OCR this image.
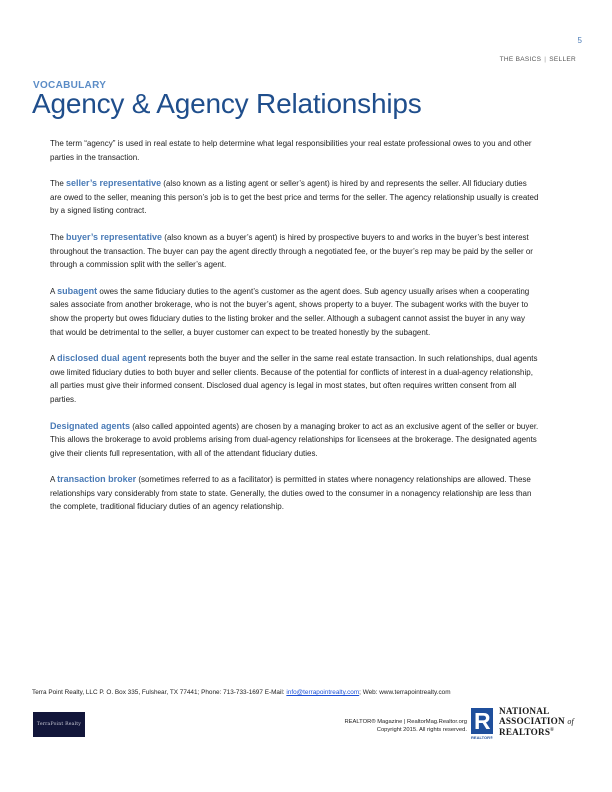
5
THE BASICS | SELLER
VOCABULARY
Agency & Agency Relationships

The term “agency” is used in real estate to help determine what legal responsibilities your real estate professional owes to you and other parties in the transaction.

The seller’s representative (also known as a listing agent or seller’s agent) is hired by and represents the seller. All fiduciary duties are owed to the seller, meaning this person’s job is to get the best price and terms for the seller. The agency relationship usually is created by a signed listing contract.

The buyer’s representative (also known as a buyer’s agent) is hired by prospective buyers to and works in the buyer’s best interest throughout the transaction. The buyer can pay the agent directly through a negotiated fee, or the buyer’s rep may be paid by the seller or through a commission split with the seller’s agent.

A subagent owes the same fiduciary duties to the agent’s customer as the agent does. Sub agency usually arises when a cooperating sales associate from another brokerage, who is not the buyer’s agent, shows property to a buyer. The subagent works with the buyer to show the property but owes fiduciary duties to the listing broker and the seller. Although a subagent cannot assist the buyer in any way that would be detrimental to the seller, a buyer customer can expect to be treated honestly by the subagent.

A disclosed dual agent represents both the buyer and the seller in the same real estate transaction. In such relationships, dual agents owe limited fiduciary duties to both buyer and seller clients. Because of the potential for conflicts of interest in a dual-agency relationship, all parties must give their informed consent. Disclosed dual agency is legal in most states, but often requires written consent from all parties.

Designated agents (also called appointed agents) are chosen by a managing broker to act as an exclusive agent of the seller or buyer. This allows the brokerage to avoid problems arising from dual-agency relationships for licensees at the brokerage. The designated agents give their clients full representation, with all of the attendant fiduciary duties.

A transaction broker (sometimes referred to as a facilitator) is permitted in states where nonagency relationships are allowed. These relationships vary considerably from state to state. Generally, the duties owed to the consumer in a nonagency relationship are less than the complete, traditional fiduciary duties of an agency relationship.

Terra Point Realty, LLC P. O. Box 335, Fulshear, TX 77441; Phone: 713-733-1697 E-Mail: info@terrapointrealty.com; Web: www.terrapointrealty.com
TerraPoint Realty	REALTOR® Magazine | RealtorMag.Realtor.org
Copyright 2015. All rights reserved. R
REALTOR®
NATIONAL
ASSOCIATION of
REALTORS®
